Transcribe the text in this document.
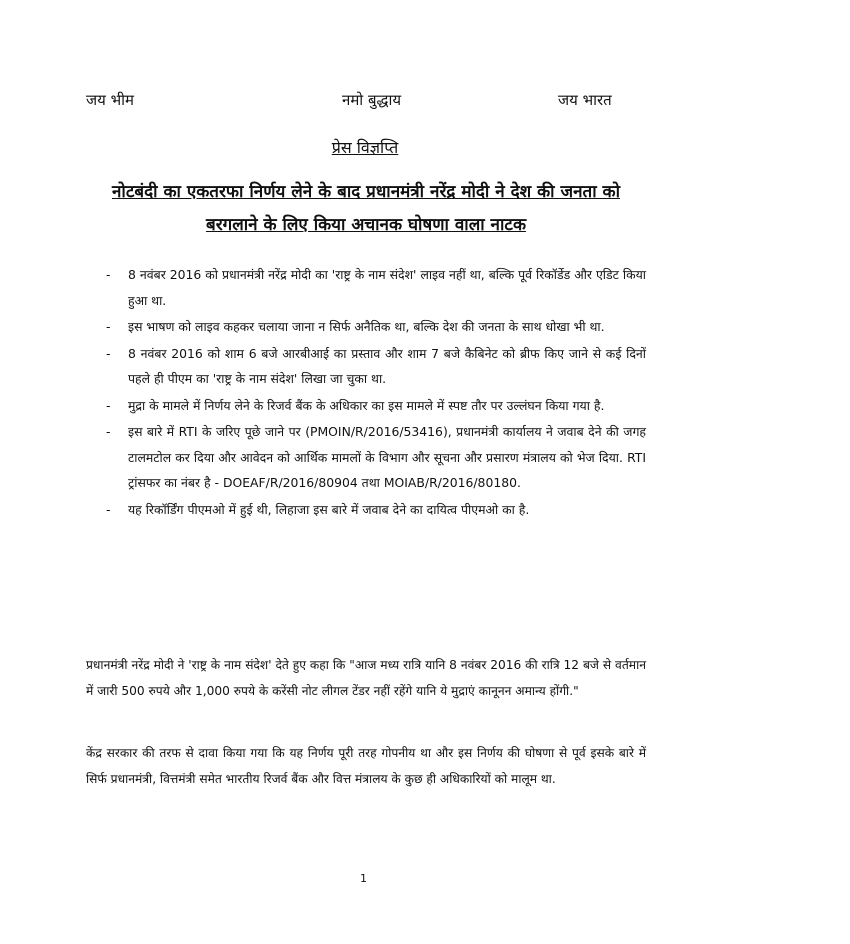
जय भीम	नमो बुद्धाय	जय भारत
प्रेस विज्ञप्ति
नोटबंदी का एकतरफा निर्णय लेने के बाद प्रधानमंत्री नरेंद्र मोदी ने देश की जनता को बरगलाने के लिए किया अचानक घोषणा वाला नाटक
- 8 नवंबर 2016 को प्रधानमंत्री नरेंद्र मोदी का 'राष्ट्र के नाम संदेश' लाइव नहीं था, बल्कि पूर्व रिकॉर्डेड और एडिट किया हुआ था.
- इस भाषण को लाइव कहकर चलाया जाना न सिर्फ अनैतिक था, बल्कि देश की जनता के साथ धोखा भी था.
- 8 नवंबर 2016 को शाम 6 बजे आरबीआई का प्रस्ताव और शाम 7 बजे कैबिनेट को ब्रीफ किए जाने से कई दिनों पहले ही पीएम का 'राष्ट्र के नाम संदेश' लिखा जा चुका था.
- मुद्रा के मामले में निर्णय लेने के रिजर्व बैंक के अधिकार का इस मामले में स्पष्ट तौर पर उल्लंघन किया गया है.
- इस बारे में RTI के जरिए पूछे जाने पर (PMOIN/R/2016/53416), प्रधानमंत्री कार्यालय ने जवाब देने की जगह टालमटोल कर दिया और आवेदन को आर्थिक मामलों के विभाग और सूचना और प्रसारण मंत्रालय को भेज दिया. RTI ट्रांसफर का नंबर है - DOEAF/R/2016/80904 तथा MOIAB/R/2016/80180.
- यह रिकॉर्डिंग पीएमओ में हुई थी, लिहाजा इस बारे में जवाब देने का दायित्व पीएमओ का है.

प्रधानमंत्री नरेंद्र मोदी ने 'राष्ट्र के नाम संदेश' देते हुए कहा कि "आज मध्य रात्रि यानि 8 नवंबर 2016 की रात्रि 12 बजे से वर्तमान में जारी 500 रुपये और 1,000 रुपये के करेंसी नोट लीगल टेंडर नहीं रहेंगे यानि ये मुद्राएं कानूनन अमान्य होंगी."

केंद्र सरकार की तरफ से दावा किया गया कि यह निर्णय पूरी तरह गोपनीय था और इस निर्णय की घोषणा से पूर्व इसके बारे में सिर्फ प्रधानमंत्री, वित्तमंत्री समेत भारतीय रिजर्व बैंक और वित्त मंत्रालय के कुछ ही अधिकारियों को मालूम था.

1
